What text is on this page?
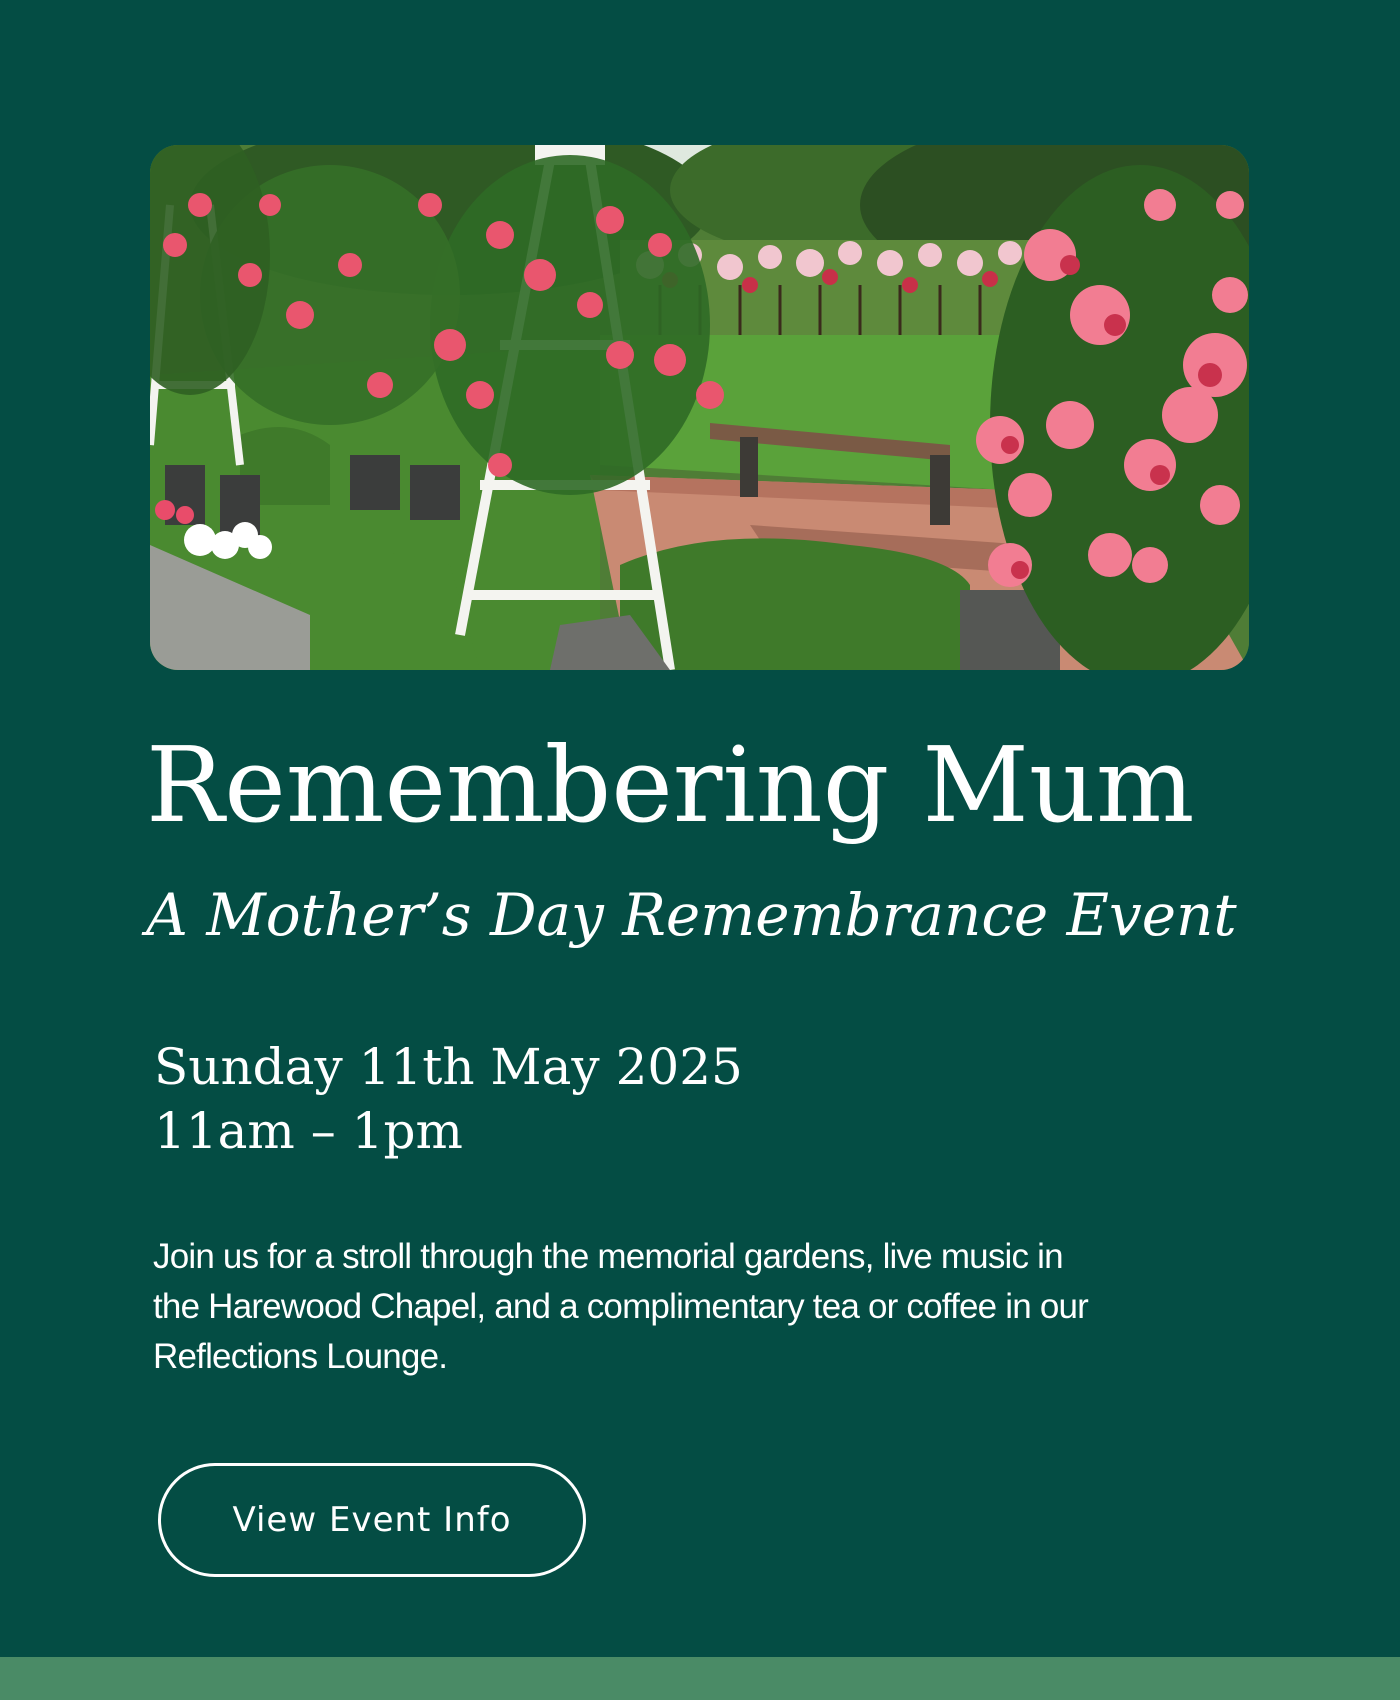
Remembering Mum
A Mother’s Day Remembrance Event
Sunday 11th May 2025
11am – 1pm
Join us for a stroll through the memorial gardens, live music in the Harewood Chapel, and a complimentary tea or coffee in our Reflections Lounge.
View Event Info
